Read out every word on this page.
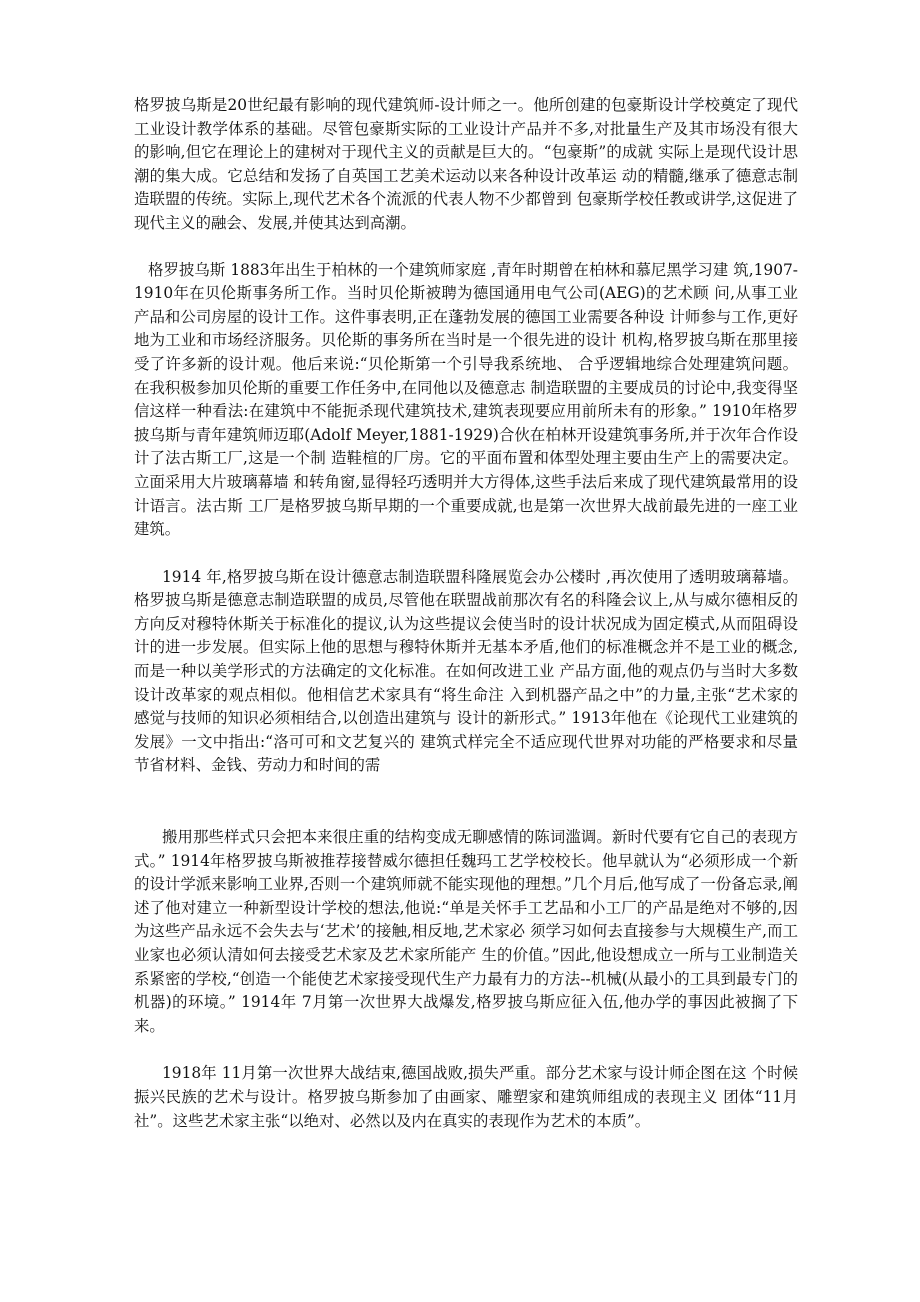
格罗披乌斯是20世纪最有影响的现代建筑师-设计师之一。他所创建的包豪斯设计学校奠定了现代工业设计教学体系的基础。尽管包豪斯实际的工业设计产品并不多,对批量生产及其市场没有很大的影响,但它在理论上的建树对于现代主义的贡献是巨大的。“包豪斯”的成就 实际上是现代设计思潮的集大成。它总结和发扬了自英国工艺美术运动以来各种设计改革运 动的精髓,继承了德意志制造联盟的传统。实际上,现代艺术各个流派的代表人物不少都曾到 包豪斯学校任教或讲学,这促进了现代主义的融会、发展,并使其达到高潮。

格罗披乌斯 1883年出生于柏林的一个建筑师家庭 ,青年时期曾在柏林和慕尼黑学习建 筑,1907-1910年在贝伦斯事务所工作。当时贝伦斯被聘为德国通用电气公司(AEG)的艺术顾 问,从事工业产品和公司房屋的设计工作。这件事表明,正在蓬勃发展的德国工业需要各种设 计师参与工作,更好地为工业和市场经济服务。贝伦斯的事务所在当时是一个很先进的设计 机构,格罗披乌斯在那里接受了许多新的设计观。他后来说:“贝伦斯第一个引导我系统地、 合乎逻辑地综合处理建筑问题。在我积极参加贝伦斯的重要工作任务中,在同他以及德意志 制造联盟的主要成员的讨论中,我变得坚信这样一种看法:在建筑中不能扼杀现代建筑技术,建筑表现要应用前所未有的形象。” 1910年格罗披乌斯与青年建筑师迈耶(Adolf Meyer,1881-1929)合伙在柏林开设建筑事务所,并于次年合作设计了法古斯工厂,这是一个制 造鞋楦的厂房。它的平面布置和体型处理主要由生产上的需要决定。立面采用大片玻璃幕墙 和转角窗,显得轻巧透明并大方得体,这些手法后来成了现代建筑最常用的设计语言。法古斯 工厂是格罗披乌斯早期的一个重要成就,也是第一次世界大战前最先进的一座工业建筑。

1914 年,格罗披乌斯在设计德意志制造联盟科隆展览会办公楼时 ,再次使用了透明玻璃幕墙。格罗披乌斯是德意志制造联盟的成员,尽管他在联盟战前那次有名的科隆会议上,从与威尔德相反的方向反对穆特休斯关于标准化的提议,认为这些提议会使当时的设计状况成为固定模式,从而阻碍设计的进一步发展。但实际上他的思想与穆特休斯并无基本矛盾,他们的标准概念并不是工业的概念,而是一种以美学形式的方法确定的文化标准。在如何改进工业 产品方面,他的观点仍与当时大多数设计改革家的观点相似。他相信艺术家具有“将生命注 入到机器产品之中”的力量,主张“艺术家的感觉与技师的知识必须相结合,以创造出建筑与 设计的新形式。” 1913年他在《论现代工业建筑的发展》一文中指出:“洛可可和文艺复兴的 建筑式样完全不适应现代世界对功能的严格要求和尽量节省材料、金钱、劳动力和时间的需

搬用那些样式只会把本来很庄重的结构变成无聊感情的陈词滥调。新时代要有它自己的表现方式。” 1914年格罗披乌斯被推荐接替威尔德担任魏玛工艺学校校长。他早就认为“必须形成一个新的设计学派来影响工业界,否则一个建筑师就不能实现他的理想。”几个月后,他写成了一份备忘录,阐述了他对建立一种新型设计学校的想法,他说:“单是关怀手工艺品和小工厂的产品是绝对不够的,因为这些产品永远不会失去与‘艺术’的接触,相反地,艺术家必 须学习如何去直接参与大规模生产,而工业家也必须认清如何去接受艺术家及艺术家所能产 生的价值。”因此,他设想成立一所与工业制造关系紧密的学校,“创造一个能使艺术家接受现代生产力最有力的方法--机械(从最小的工具到最专门的机器)的环境。” 1914年 7月第一次世界大战爆发,格罗披乌斯应征入伍,他办学的事因此被搁了下来。

1918年 11月第一次世界大战结束,德国战败,损失严重。部分艺术家与设计师企图在这 个时候振兴民族的艺术与设计。格罗披乌斯参加了由画家、雕塑家和建筑师组成的表现主义 团体“11月社”。这些艺术家主张“以绝对、必然以及内在真实的表现作为艺术的本质”。
